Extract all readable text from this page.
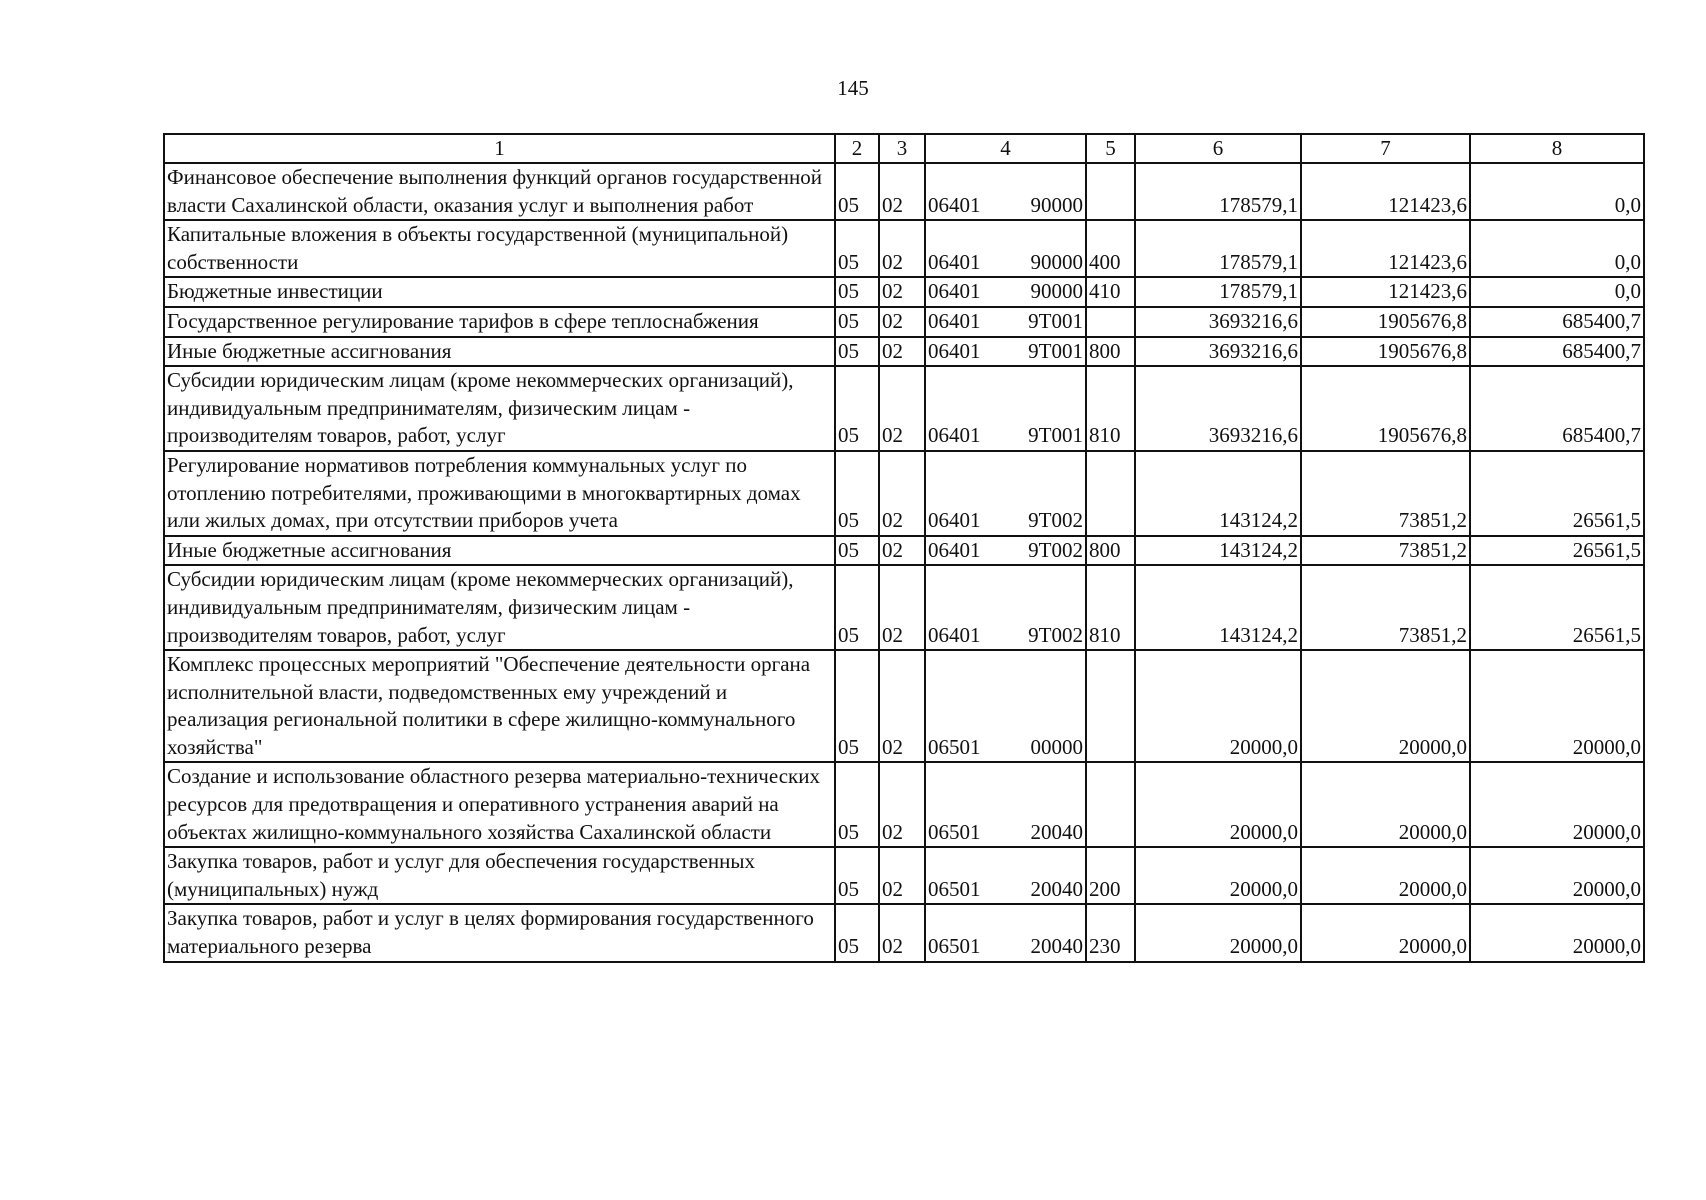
145
1	2	3	4	5	6	7	8
Финансовое обеспечение выполнения функций органов государственной власти Сахалинской области, оказания услуг и выполнения работ	05	02	06401 90000		178579,1	121423,6	0,0
Капитальные вложения в объекты государственной (муниципальной) собственности	05	02	06401 90000	400	178579,1	121423,6	0,0
Бюджетные инвестиции	05	02	06401 90000	410	178579,1	121423,6	0,0
Государственное регулирование тарифов в сфере теплоснабжения	05	02	06401 9Т001		3693216,6	1905676,8	685400,7
Иные бюджетные ассигнования	05	02	06401 9Т001	800	3693216,6	1905676,8	685400,7
Субсидии юридическим лицам (кроме некоммерческих организаций), индивидуальным предпринимателям, физическим лицам - производителям товаров, работ, услуг	05	02	06401 9Т001	810	3693216,6	1905676,8	685400,7
Регулирование нормативов потребления коммунальных услуг по отоплению потребителями, проживающими в многоквартирных домах или жилых домах, при отсутствии приборов учета	05	02	06401 9Т002		143124,2	73851,2	26561,5
Иные бюджетные ассигнования	05	02	06401 9Т002	800	143124,2	73851,2	26561,5
Субсидии юридическим лицам (кроме некоммерческих организаций), индивидуальным предпринимателям, физическим лицам - производителям товаров, работ, услуг	05	02	06401 9Т002	810	143124,2	73851,2	26561,5
Комплекс процессных мероприятий "Обеспечение деятельности органа исполнительной власти, подведомственных ему учреждений и реализация региональной политики в сфере жилищно-коммунального хозяйства"	05	02	06501 00000		20000,0	20000,0	20000,0
Создание и использование областного резерва материально-технических ресурсов для предотвращения и оперативного устранения аварий на объектах жилищно-коммунального хозяйства Сахалинской области	05	02	06501 20040		20000,0	20000,0	20000,0
Закупка товаров, работ и услуг для обеспечения государственных (муниципальных) нужд	05	02	06501 20040	200	20000,0	20000,0	20000,0
Закупка товаров, работ и услуг в целях формирования государственного материального резерва	05	02	06501 20040	230	20000,0	20000,0	20000,0
